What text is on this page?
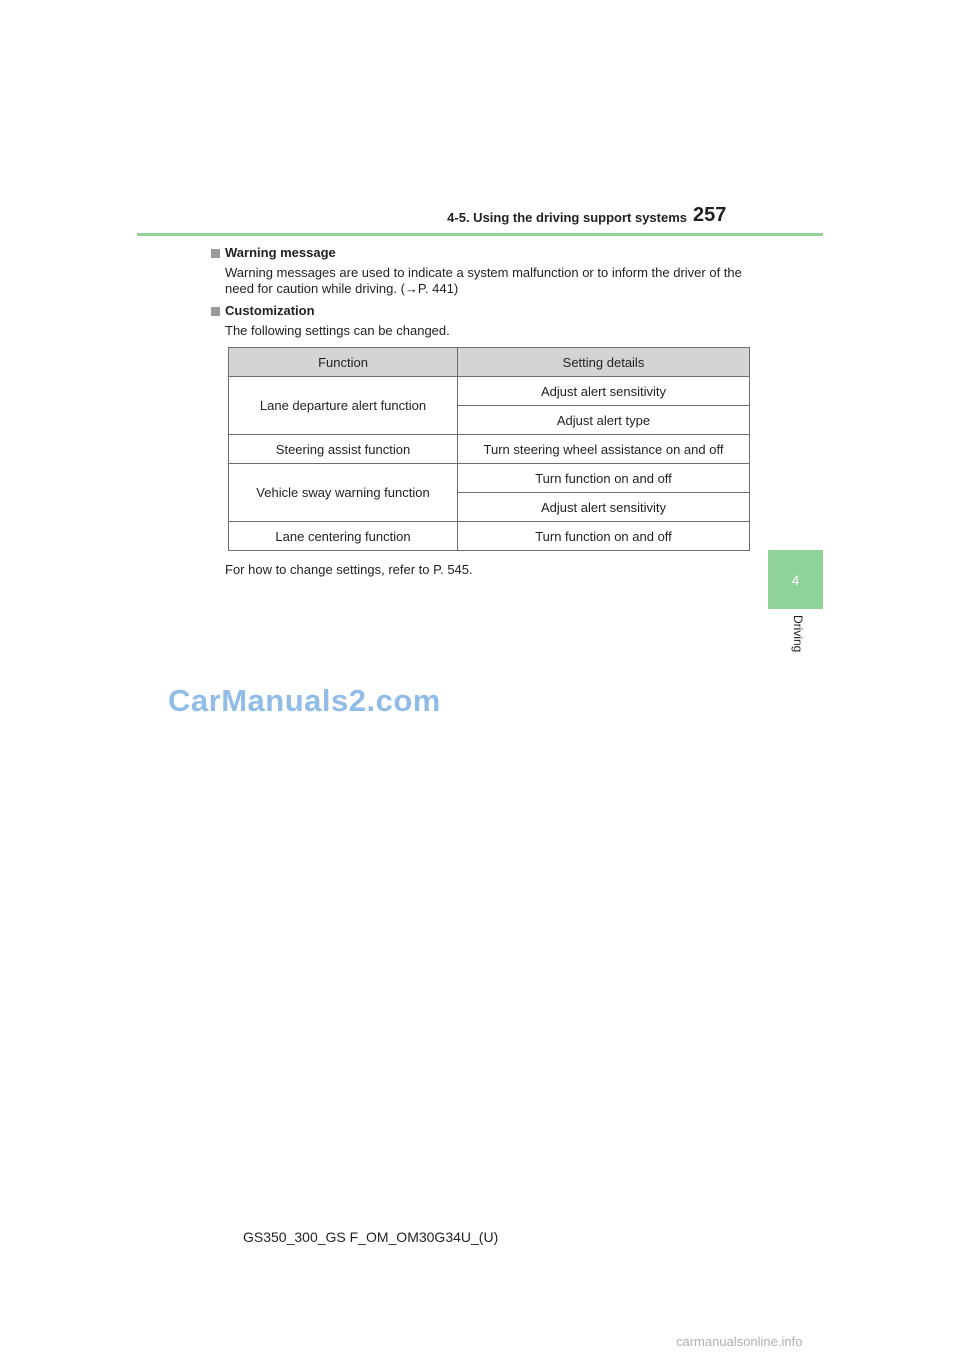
4-5. Using the driving support systems 257
4
Driving
Warning message
Warning messages are used to indicate a system malfunction or to inform the driver of the need for caution while driving. (→P. 441)
Customization
The following settings can be changed.
Function	Setting details
Lane departure alert function	Adjust alert sensitivity
	Adjust alert type
Steering assist function	Turn steering wheel assistance on and off
Vehicle sway warning function	Turn function on and off
	Adjust alert sensitivity
Lane centering function	Turn function on and off
For how to change settings, refer to P. 545.
CarManuals2.com
GS350_300_GS F_OM_OM30G34U_(U)
carmanualsonline.info
